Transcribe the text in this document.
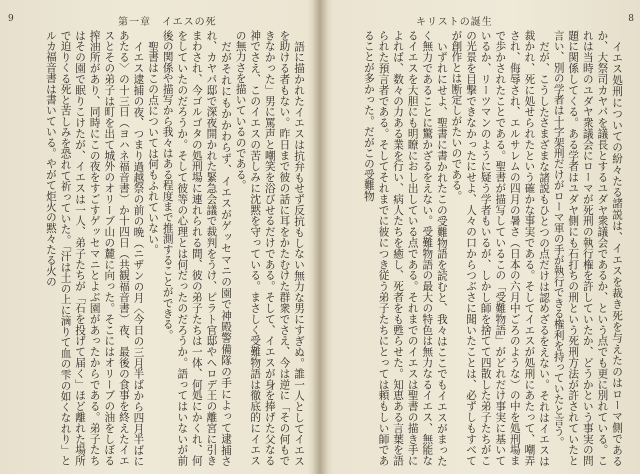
9	第一章　イエスの死

語に描かれたイエスは抗弁もせず反抗もしない無力な男にすぎぬ。誰一人としてイエスを助ける者もない。昨日まで彼の話に耳をかたむけた群衆でさえ、今は逆に「その何もできなかった」男に罵声と嘲笑を浴びせるだけである。そして、イエスが身を捧げた父なる神でさえ、このイエスの苦しみに沈黙を守っている。まさしく受難物語は徹底的にイエスの無力さを描いているのである。

だがそれにもかかわらず、イエスがゲッセマニの園で神殿警備隊の手によって逮捕され、カヤパ邸で深夜開かれた緊急会議で裁判をうけ、ピラト官邸やヘロデ王の離宮に引きまわされ、今ゴルゴタの処刑場に連れられる間、彼の弟子たちは一体、何処にかくれ、何をしていたのだろうか。そして彼等の心理とは何だったのだろうか。語ってはいないが前後の関係や描写から我々はある程度まで推測することができる。

聖書はこの点については何もふれていない。

イエス逮捕の夜、つまり過越祭の前の晩（ニザンの月〈今日の三月半ばから四月半ばにあたる〉の十三日（ヨハネ福音書）か十四日（共観福音書）夜、最後の食事を終えたイエスとその弟子は町を出て城外のオリーブ山の麓に向った。そこにはオリーブの油をしぼる搾油所があり、同時にこの夜をすごすゲッセマニとよぶ園があったからである。弟子たちはその園で眠りこけたが、イエスは一人、弟子たちが「石を投げて届く」ほど離れた場所で迫りくる死と苦しみを恐れて祈っていた。「汗は土の上に滴りて血の雫の如くなれり」とルカ福音書は書いている。やがて炬火の黙々たる火の

8
キリストの誕生

イエス処刑についての紛々たる諸説は、イエスを裁き死を与えたのはローマ側であるか、大祭司カヤパを議長とするユダヤ衆議会であるか、という点でも更に別れている。これは当時のユダヤ衆議会にローマが死刑の執行権を許していたか、どうかという事実の問題に関係してくる。ある学者はユダヤ側にも石打ちの刑という死刑方法が許されていたと言い、別の学者は十字架刑だけがローマ軍の手が執行できる権利を持っていたと言う。

だが、こうしたさまざまな諸説もひとつの点だけは認めざるをえない。それはイエスは裁かれ、死に処せられたという確かな事実である。そしてイエスが処刑にあたって、嘲弄され、侮辱され、エルサレムの四月の暑さ（日本の六月中ごろのような）の中を処刑場まで歩かされたことである。聖書が描写しているこの「受難物語」がどれだけ事実に基いているか、リーツマンのように疑う学者もいるが、しかし師を捨てて四散した弟子たちがこの光景を目撃できなかったにせよ、人々の口からつぶさに聞いたことは、必ずしもすべてが創作とは断定しがたいのである。

いずれにせよ、聖書に書かれたこの受難物語を読むと、我々はここでもイエスがまったく無力であることに驚かざるをえない。受難物語の最大の特色は無力なるイエス、無能なるイエスを大胆にも明瞭におし出している点である。それまでのイエスは聖書の描き手によれば、数々の力ある業を行い、病人たちを癒し、死者をも甦らせた。知恵ある言葉を語られた預言者である。そしてそれまでに彼につき従う弟子たちにとっては頼もしい師であることが多かった。だがこの受難物
